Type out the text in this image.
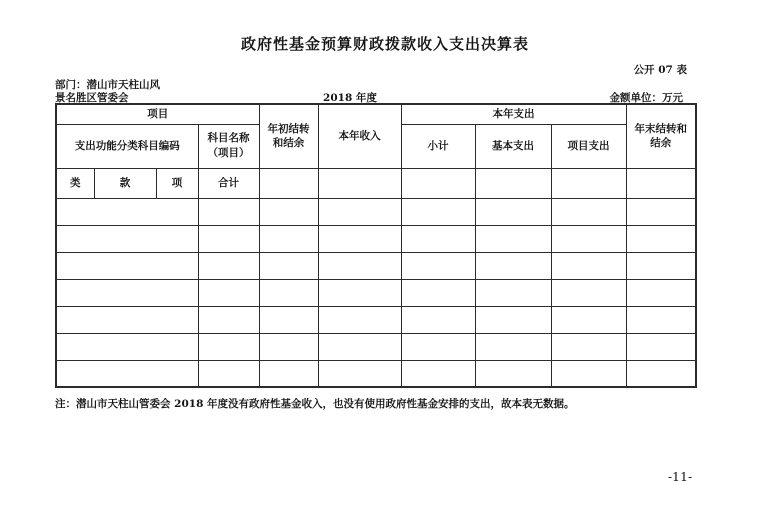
政府性基金预算财政拨款收入支出决算表
公开 07 表
部门：潜山市天柱山风
景名胜区管委会	2018 年度	金额单位：万元
项目				年初结转和结余	本年收入	本年支出			年末结转和结余
支出功能分类科目编码			科目名称（项目）			小计	基本支出	项目支出	
类	款	项	合计						

注：潜山市天柱山管委会 2018 年度没有政府性基金收入，也没有使用政府性基金安排的支出，故本表无数据。
-11-
